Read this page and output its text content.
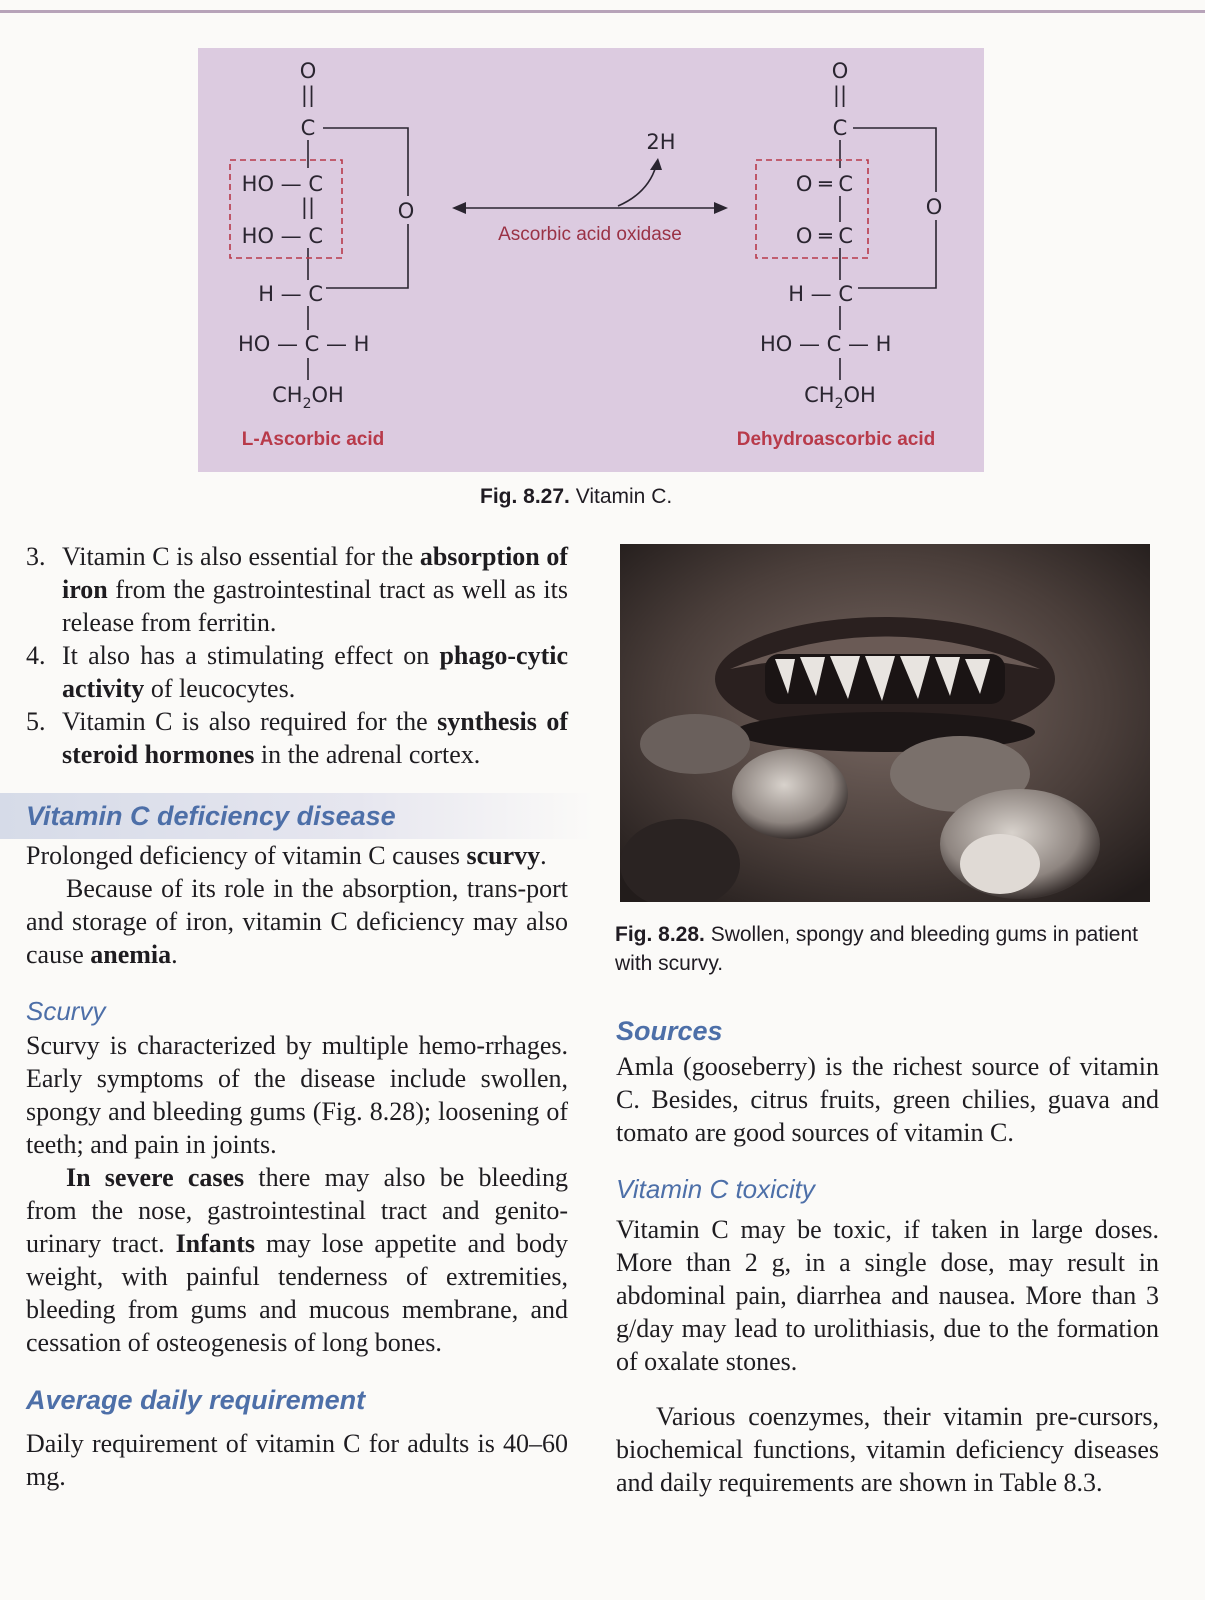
O
||
C
HO — C
||
HO — C
H — C
HO — C — H
$CH_2OH$
O
L-Ascorbic acid
2H
Ascorbic acid oxidase
O
||
C
O ═ C
O ═ C
H — C
HO — C — H
$CH_2OH$
O
Dehydroascorbic acid
Fig. 8.27. Vitamin C.
3. Vitamin C is also essential for the absorption of iron from the gastrointestinal tract as well as its release from ferritin.
4. It also has a stimulating effect on phago-cytic activity of leucocytes.
5. Vitamin C is also required for the synthesis of steroid hormones in the adrenal cortex.
Vitamin C deficiency disease

Prolonged deficiency of vitamin C causes scurvy.

Because of its role in the absorption, trans-port and storage of iron, vitamin C deficiency may also cause anemia.

Scurvy

Scurvy is characterized by multiple hemo-rrhages. Early symptoms of the disease include swollen, spongy and bleeding gums (Fig. 8.28); loosening of teeth; and pain in joints.

In severe cases there may also be bleeding from the nose, gastrointestinal tract and genito-urinary tract. Infants may lose appetite and body weight, with painful tenderness of extremities, bleeding from gums and mucous membrane, and cessation of osteogenesis of long bones.

Average daily requirement

Daily requirement of vitamin C for adults is 40–60 mg.

Fig. 8.28. Swollen, spongy and bleeding gums in patient with scurvy.
Sources

Amla (gooseberry) is the richest source of vitamin C. Besides, citrus fruits, green chilies, guava and tomato are good sources of vitamin C.

Vitamin C toxicity

Vitamin C may be toxic, if taken in large doses. More than 2 g, in a single dose, may result in abdominal pain, diarrhea and nausea. More than 3 g/day may lead to urolithiasis, due to the formation of oxalate stones.

Various coenzymes, their vitamin pre-cursors, biochemical functions, vitamin deficiency diseases and daily requirements are shown in Table 8.3.
